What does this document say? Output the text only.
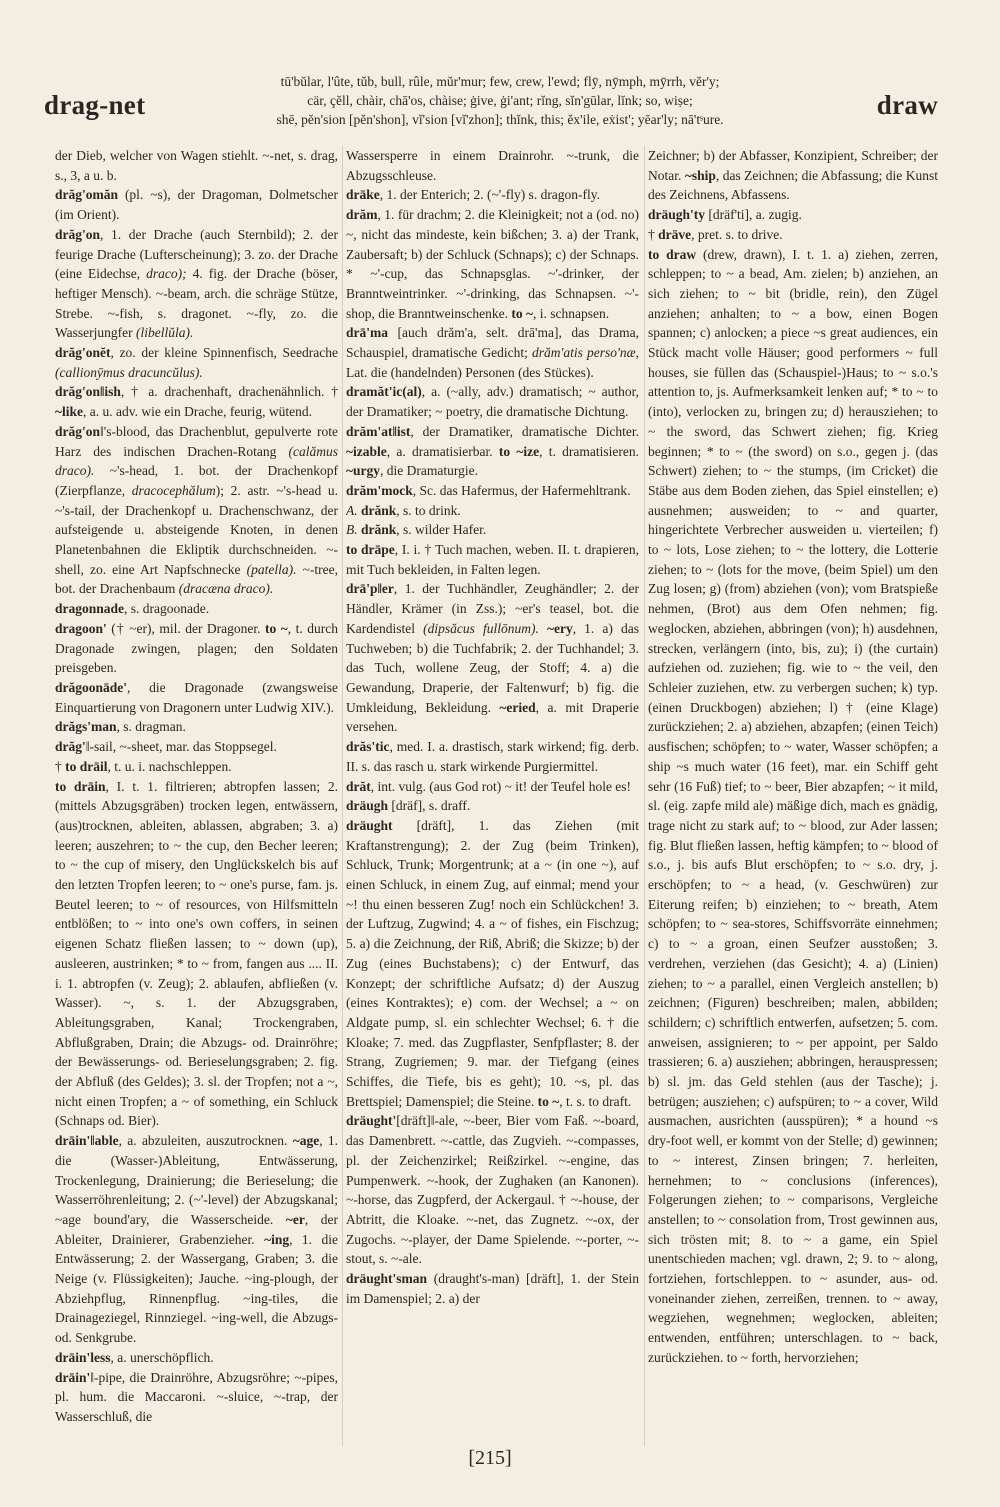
drag-net
tū'bŭlar, l'ûte, tŭb, bull, rûle, mŭr'mur; few, crew, l'ewd; flȳ, nȳmph, mȳrrh, vĕr'y;
cär, çĕll, chàir, chā'os, chàise; ġive, ġi'ant; rĭng, sĭn'gūlar, lĭnk; so, wiṣe;
shē, pĕn'sion [pĕn'shon], vĭ'sion [vĭ'zhon]; thĭnk, this; ĕx'ile, eẋist'; yēar'ly; nā'tˢure.	draw

der Dieb, welcher von Wagen stiehlt. ~-net, s. drag, s., 3, a u. b.

drăg'omăn (pl. ~s), der Dragoman, Dolmetscher (im Orient).

drăg'on, 1. der Drache (auch Sternbild); 2. der feurige Drache (Lufterscheinung); 3. zo. der Drache (eine Eidechse, draco); 4. fig. der Drache (böser, heftiger Mensch). ~-beam, arch. die schräge Stütze, Strebe. ~-fish, s. dragonet. ~-fly, zo. die Wasserjungfer (libellŭla).

drăg'onĕt, zo. der kleine Spinnenfisch, Seedrache (callionȳmus dracuncŭlus).

drăg'on‖ish, † a. drachenhaft, drachenähnlich. † ~like, a. u. adv. wie ein Drache, feurig, wütend.

drăg'on‖'s-blood, das Drachenblut, gepulverte rote Harz des indischen Drachen-Rotang (calămus draco). ~'s-head, 1. bot. der Drachenkopf (Zierpflanze, dracocephălum); 2. astr. ~'s-head u. ~'s-tail, der Drachenkopf u. Drachenschwanz, der aufsteigende u. absteigende Knoten, in denen Planetenbahnen die Ekliptik durchschneiden. ~-shell, zo. eine Art Napfschnecke (patella). ~-tree, bot. der Drachenbaum (dracæna draco).

dragonnade, s. dragoonade.

dragoon' († ~er), mil. der Dragoner. to ~, t. durch Dragonade zwingen, plagen; den Soldaten preisgeben.

drăgoonāde', die Dragonade (zwangsweise Einquartierung von Dragonern unter Ludwig XIV.).

drăgs'man, s. dragman.

drăg'‖-sail, ~-sheet, mar. das Stoppsegel.

† to drāil, t. u. i. nachschleppen.

to drāin, I. t. 1. filtrieren; abtropfen lassen; 2. (mittels Abzugsgräben) trocken legen, entwässern, (aus)trocknen, ableiten, ablassen, abgraben; 3. a) leeren; auszehren; to ~ the cup, den Becher leeren; to ~ the cup of misery, den Unglückskelch bis auf den letzten Tropfen leeren; to ~ one's purse, fam. js. Beutel leeren; to ~ of resources, von Hilfsmitteln entblößen; to ~ into one's own coffers, in seinen eigenen Schatz fließen lassen; to ~ down (up), ausleeren, austrinken; * to ~ from, fangen aus .... II. i. 1. abtropfen (v. Zeug); 2. ablaufen, abfließen (v. Wasser). ~, s. 1. der Abzugsgraben, Ableitungsgraben, Kanal; Trockengraben, Abflußgraben, Drain; die Abzugs- od. Drainröhre; der Bewässerungs- od. Berieselungsgraben; 2. fig. der Abfluß (des Geldes); 3. sl. der Tropfen; not a ~, nicht einen Tropfen; a ~ of something, ein Schluck (Schnaps od. Bier).

drāin'‖able, a. abzuleiten, auszutrocknen. ~age, 1. die (Wasser-)Ableitung, Entwässerung, Trockenlegung, Drainierung; die Berieselung; die Wasserröhrenleitung; 2. (~'-level) der Abzugskanal; ~age bound'ary, die Wasserscheide. ~er, der Ableiter, Drainierer, Grabenzieher. ~ing, 1. die Entwässerung; 2. der Wassergang, Graben; 3. die Neige (v. Flüssigkeiten); Jauche. ~ing-plough, der Abziehpflug, Rinnenpflug. ~ing-tiles, die Drainageziegel, Rinnziegel. ~ing-well, die Abzugs- od. Senkgrube.

drāin'less, a. unerschöpflich.

drāin'‖-pipe, die Drainröhre, Abzugsröhre; ~-pipes, pl. hum. die Maccaroni. ~-sluice, ~-trap, der Wasserschluß, die

Wassersperre in einem Drainrohr. ~-trunk, die Abzugsschleuse.

drāke, 1. der Enterich; 2. (~'-fly) s. dragon-fly.

drăm, 1. für drachm; 2. die Kleinigkeit; not a (od. no) ~, nicht das mindeste, kein bißchen; 3. a) der Trank, Zaubersaft; b) der Schluck (Schnaps); c) der Schnaps. * ~'-cup, das Schnapsglas. ~'-drinker, der Branntweintrinker. ~'-drinking, das Schnapsen. ~'-shop, die Branntweinschenke. to ~, i. schnapsen.

drā'ma [auch drăm'a, selt. drā'ma], das Drama, Schauspiel, dramatische Gedicht; drăm'atis perso'næ, Lat. die (handelnden) Personen (des Stückes).

dramăt'ic(al), a. (~ally, adv.) dramatisch; ~ author, der Dramatiker; ~ poetry, die dramatische Dichtung.

drăm'at‖ist, der Dramatiker, dramatische Dichter. ~izable, a. dramatisierbar. to ~ize, t. dramatisieren. ~urgy, die Dramaturgie.

drăm'mock, Sc. das Hafermus, der Hafermehltrank.

A. drănk, s. to drink.

B. drănk, s. wilder Hafer.

to drāpe, I. i. † Tuch machen, weben. II. t. drapieren, mit Tuch bekleiden, in Falten legen.

drā'p‖er, 1. der Tuchhändler, Zeughändler; 2. der Händler, Krämer (in Zss.); ~er's teasel, bot. die Kardendistel (dipsăcus fullōnum). ~ery, 1. a) das Tuchweben; b) die Tuchfabrik; 2. der Tuchhandel; 3. das Tuch, wollene Zeug, der Stoff; 4. a) die Gewandung, Draperie, der Faltenwurf; b) fig. die Umkleidung, Bekleidung. ~eried, a. mit Draperie versehen.

drăs'tic, med. I. a. drastisch, stark wirkend; fig. derb. II. s. das rasch u. stark wirkende Purgiermittel.

drăt, int. vulg. (aus God rot) ~ it! der Teufel hole es!

dräugh [dräf], s. draff.

dräught [dräft], 1. das Ziehen (mit Kraftanstrengung); 2. der Zug (beim Trinken), Schluck, Trunk; Morgentrunk; at a ~ (in one ~), auf einen Schluck, in einem Zug, auf einmal; mend your ~! thu einen besseren Zug! noch ein Schlückchen! 3. der Luftzug, Zugwind; 4. a ~ of fishes, ein Fischzug; 5. a) die Zeichnung, der Riß, Abriß; die Skizze; b) der Zug (eines Buchstabens); c) der Entwurf, das Konzept; der schriftliche Aufsatz; d) der Auszug (eines Kontraktes); e) com. der Wechsel; a ~ on Aldgate pump, sl. ein schlechter Wechsel; 6. † die Kloake; 7. med. das Zugpflaster, Senfpflaster; 8. der Strang, Zugriemen; 9. mar. der Tiefgang (eines Schiffes, die Tiefe, bis es geht); 10. ~s, pl. das Brettspiel; Damenspiel; die Steine. to ~, t. s. to draft.

dräught'[dräft]‖-ale, ~-beer, Bier vom Faß. ~-board, das Damenbrett. ~-cattle, das Zugvieh. ~-compasses, pl. der Zeichenzirkel; Reißzirkel. ~-engine, das Pumpenwerk. ~-hook, der Zughaken (an Kanonen). ~-horse, das Zugpferd, der Ackergaul. † ~-house, der Abtritt, die Kloake. ~-net, das Zugnetz. ~-ox, der Zugochs. ~-player, der Dame Spielende. ~-porter, ~-stout, s. ~-ale.

dräught'sman (draught's-man) [dräft], 1. der Stein im Damenspiel; 2. a) der

Zeichner; b) der Abfasser, Konzipient, Schreiber; der Notar. ~ship, das Zeichnen; die Abfassung; die Kunst des Zeichnens, Abfassens.

dräugh'ty [dräf'ti], a. zugig.

† dräve, pret. s. to drive.

to draw (drew, drawn), I. t. 1. a) ziehen, zerren, schleppen; to ~ a bead, Am. zielen; b) anziehen, an sich ziehen; to ~ bit (bridle, rein), den Zügel anziehen; anhalten; to ~ a bow, einen Bogen spannen; c) anlocken; a piece ~s great audiences, ein Stück macht volle Häuser; good performers ~ full houses, sie füllen das (Schauspiel-)Haus; to ~ s.o.'s attention to, js. Aufmerksamkeit lenken auf; * to ~ to (into), verlocken zu, bringen zu; d) herausziehen; to ~ the sword, das Schwert ziehen; fig. Krieg beginnen; * to ~ (the sword) on s.o., gegen j. (das Schwert) ziehen; to ~ the stumps, (im Cricket) die Stäbe aus dem Boden ziehen, das Spiel einstellen; e) ausnehmen; ausweiden; to ~ and quarter, hingerichtete Verbrecher ausweiden u. vierteilen; f) to ~ lots, Lose ziehen; to ~ the lottery, die Lotterie ziehen; to ~ (lots for the move, (beim Spiel) um den Zug losen; g) (from) abziehen (von); vom Bratspieße nehmen, (Brot) aus dem Ofen nehmen; fig. weglocken, abziehen, abbringen (von); h) ausdehnen, strecken, verlängern (into, bis, zu); i) (the curtain) aufziehen od. zuziehen; fig. wie to ~ the veil, den Schleier zuziehen, etw. zu verbergen suchen; k) typ. (einen Druckbogen) abziehen; l) † (eine Klage) zurückziehen; 2. a) abziehen, abzapfen; (einen Teich) ausfischen; schöpfen; to ~ water, Wasser schöpfen; a ship ~s much water (16 feet), mar. ein Schiff geht sehr (16 Fuß) tief; to ~ beer, Bier abzapfen; ~ it mild, sl. (eig. zapfe mild ale) mäßige dich, mach es gnädig, trage nicht zu stark auf; to ~ blood, zur Ader lassen; fig. Blut fließen lassen, heftig kämpfen; to ~ blood of s.o., j. bis aufs Blut erschöpfen; to ~ s.o. dry, j. erschöpfen; to ~ a head, (v. Geschwüren) zur Eiterung reifen; b) einziehen; to ~ breath, Atem schöpfen; to ~ sea-stores, Schiffsvorräte einnehmen; c) to ~ a groan, einen Seufzer ausstoßen; 3. verdrehen, verziehen (das Gesicht); 4. a) (Linien) ziehen; to ~ a parallel, einen Vergleich anstellen; b) zeichnen; (Figuren) beschreiben; malen, abbilden; schildern; c) schriftlich entwerfen, aufsetzen; 5. com. anweisen, assignieren; to ~ per appoint, per Saldo trassieren; 6. a) ausziehen; abbringen, herauspressen; b) sl. jm. das Geld stehlen (aus der Tasche); j. betrügen; ausziehen; c) aufspüren; to ~ a cover, Wild ausmachen, ausrichten (ausspüren); * a hound ~s dry-foot well, er kommt von der Stelle; d) gewinnen; to ~ interest, Zinsen bringen; 7. herleiten, hernehmen; to ~ conclusions (inferences), Folgerungen ziehen; to ~ comparisons, Vergleiche anstellen; to ~ consolation from, Trost gewinnen aus, sich trösten mit; 8. to ~ a game, ein Spiel unentschieden machen; vgl. drawn, 2; 9. to ~ along, fortziehen, fortschleppen. to ~ asunder, aus- od. voneinander ziehen, zerreißen, trennen. to ~ away, wegziehen, wegnehmen; weglocken, ableiten; entwenden, entführen; unterschlagen. to ~ back, zurückziehen. to ~ forth, hervorziehen;

[215]
